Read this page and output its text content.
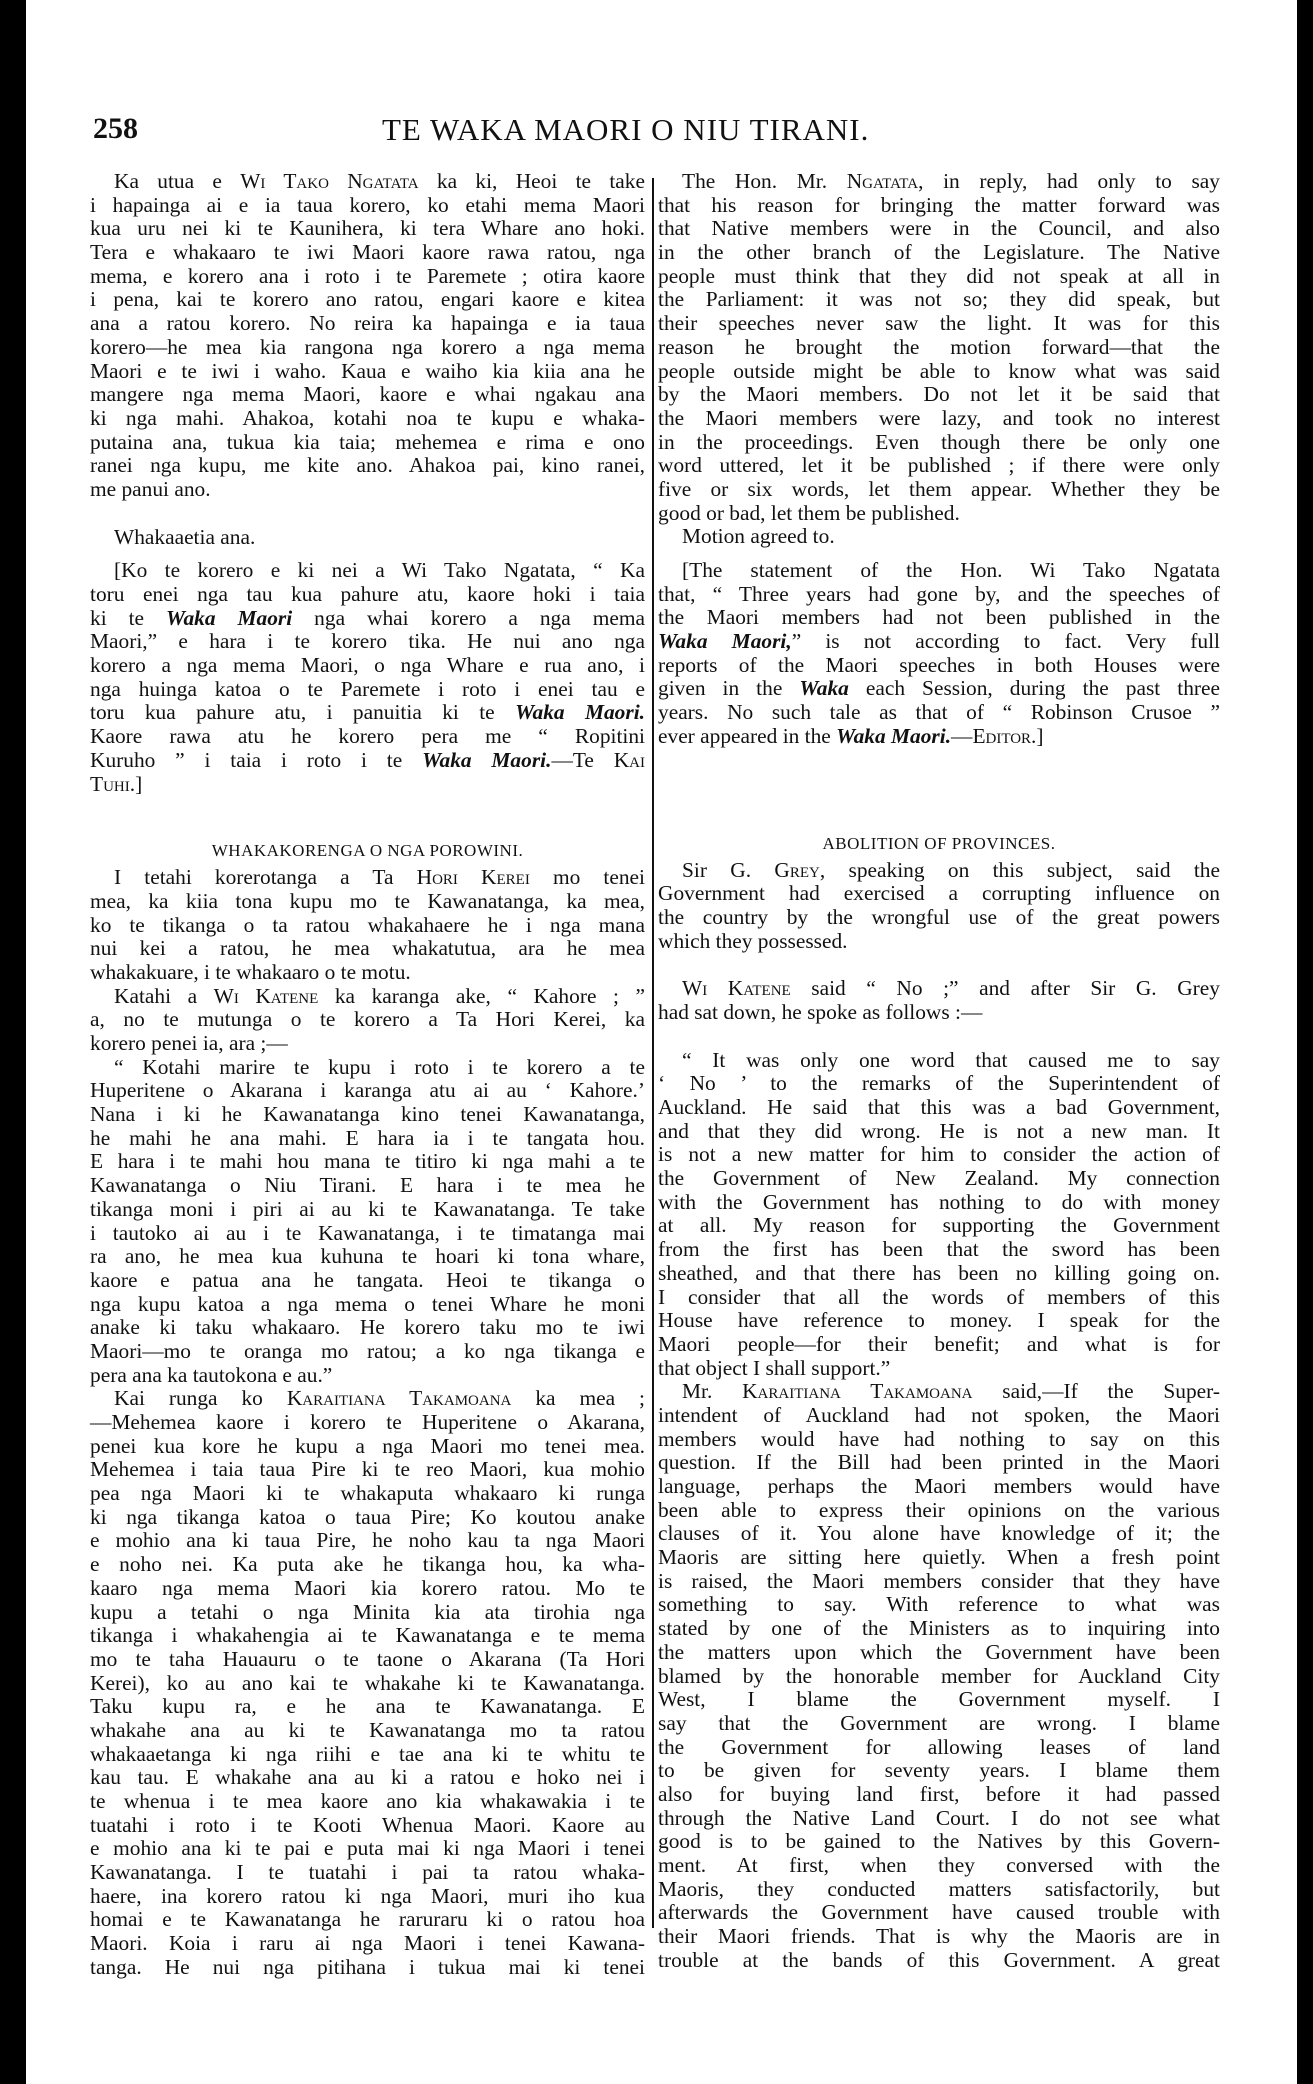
258	TE WAKA MAORI O NIU TIRANI.
Ka utua e Wi Tako Ngatata ka ki, Heoi te take
i hapainga ai e ia taua korero, ko etahi mema Maori
kua uru nei ki te Kaunihera, ki tera Whare ano hoki.
Tera e whakaaro te iwi Maori kaore rawa ratou, nga
mema, e korero ana i roto i te Paremete ; otira kaore
i pena, kai te korero ano ratou, engari kaore e kitea
ana a ratou korero. No reira ka hapainga e ia taua
korero—he mea kia rangona nga korero a nga mema
Maori e te iwi i waho. Kaua e waiho kia kiia ana he
mangere nga mema Maori, kaore e whai ngakau ana
ki nga mahi. Ahakoa, kotahi noa te kupu e whaka-
putaina ana, tukua kia taia; mehemea e rima e ono
ranei nga kupu, me kite ano. Ahakoa pai, kino ranei,
me panui ano.
Whakaaetia ana.
[Ko te korero e ki nei a Wi Tako Ngatata, “ Ka
toru enei nga tau kua pahure atu, kaore hoki i taia
ki te Waka Maori nga whai korero a nga mema
Maori,” e hara i te korero tika. He nui ano nga
korero a nga mema Maori, o nga Whare e rua ano, i
nga huinga katoa o te Paremete i roto i enei tau e
toru kua pahure atu, i panuitia ki te Waka Maori.
Kaore rawa atu he korero pera me “ Ropitini
Kuruho ” i taia i roto i te Waka Maori.—Te Kai
Tuhi.]
WHAKAKORENGA O NGA POROWINI.
I tetahi korerotanga a Ta Hori Kerei mo tenei
mea, ka kiia tona kupu mo te Kawanatanga, ka mea,
ko te tikanga o ta ratou whakahaere he i nga mana
nui kei a ratou, he mea whakatutua, ara he mea
whakakuare, i te whakaaro o te motu.
Katahi a Wi Katene ka karanga ake, “ Kahore ; ”
a, no te mutunga o te korero a Ta Hori Kerei, ka
korero penei ia, ara ;—
“ Kotahi marire te kupu i roto i te korero a te
Huperitene o Akarana i karanga atu ai au ‘ Kahore.’
Nana i ki he Kawanatanga kino tenei Kawanatanga,
he mahi he ana mahi. E hara ia i te tangata hou.
E hara i te mahi hou mana te titiro ki nga mahi a te
Kawanatanga o Niu Tirani. E hara i te mea he
tikanga moni i piri ai au ki te Kawanatanga. Te take
i tautoko ai au i te Kawanatanga, i te timatanga mai
ra ano, he mea kua kuhuna te hoari ki tona whare,
kaore e patua ana he tangata. Heoi te tikanga o
nga kupu katoa a nga mema o tenei Whare he moni
anake ki taku whakaaro. He korero taku mo te iwi
Maori—mo te oranga mo ratou; a ko nga tikanga e
pera ana ka tautokona e au.”
Kai runga ko Karaitiana Takamoana ka mea ;
—Mehemea kaore i korero te Huperitene o Akarana,
penei kua kore he kupu a nga Maori mo tenei mea.
Mehemea i taia taua Pire ki te reo Maori, kua mohio
pea nga Maori ki te whakaputa whakaaro ki runga
ki nga tikanga katoa o taua Pire; Ko koutou anake
e mohio ana ki taua Pire, he noho kau ta nga Maori
e noho nei. Ka puta ake he tikanga hou, ka wha-
kaaro nga mema Maori kia korero ratou. Mo te
kupu a tetahi o nga Minita kia ata tirohia nga
tikanga i whakahengia ai te Kawanatanga e te mema
mo te taha Hauauru o te taone o Akarana (Ta Hori
Kerei), ko au ano kai te whakahe ki te Kawanatanga.
Taku kupu ra, e he ana te Kawanatanga. E
whakahe ana au ki te Kawanatanga mo ta ratou
whakaaetanga ki nga riihi e tae ana ki te whitu te
kau tau. E whakahe ana au ki a ratou e hoko nei i
te whenua i te mea kaore ano kia whakawakia i te
tuatahi i roto i te Kooti Whenua Maori. Kaore au
e mohio ana ki te pai e puta mai ki nga Maori i tenei
Kawanatanga. I te tuatahi i pai ta ratou whaka-
haere, ina korero ratou ki nga Maori, muri iho kua
homai e te Kawanatanga he raruraru ki o ratou hoa
Maori. Koia i raru ai nga Maori i tenei Kawana-
tanga. He nui nga pitihana i tukua mai ki tenei
The Hon. Mr. Ngatata, in reply, had only to say
that his reason for bringing the matter forward was
that Native members were in the Council, and also
in the other branch of the Legislature. The Native
people must think that they did not speak at all in
the Parliament: it was not so; they did speak, but
their speeches never saw the light. It was for this
reason he brought the motion forward—that the
people outside might be able to know what was said
by the Maori members. Do not let it be said that
the Maori members were lazy, and took no interest
in the proceedings. Even though there be only one
word uttered, let it be published ; if there were only
five or six words, let them appear. Whether they be
good or bad, let them be published.
Motion agreed to.
[The statement of the Hon. Wi Tako Ngatata
that, “ Three years had gone by, and the speeches of
the Maori members had not been published in the
Waka Maori,” is not according to fact. Very full
reports of the Maori speeches in both Houses were
given in the Waka each Session, during the past three
years. No such tale as that of “ Robinson Crusoe ”
ever appeared in the Waka Maori.—Editor.]
ABOLITION OF PROVINCES.
Sir G. Grey, speaking on this subject, said the
Government had exercised a corrupting influence on
the country by the wrongful use of the great powers
which they possessed.
Wi Katene said “ No ;” and after Sir G. Grey
had sat down, he spoke as follows :—
“ It was only one word that caused me to say
‘ No ’ to the remarks of the Superintendent of
Auckland. He said that this was a bad Government,
and that they did wrong. He is not a new man. It
is not a new matter for him to consider the action of
the Government of New Zealand. My connection
with the Government has nothing to do with money
at all. My reason for supporting the Government
from the first has been that the sword has been
sheathed, and that there has been no killing going on.
I consider that all the words of members of this
House have reference to money. I speak for the
Maori people—for their benefit; and what is for
that object I shall support.”
Mr. Karaitiana Takamoana said,—If the Super-
intendent of Auckland had not spoken, the Maori
members would have had nothing to say on this
question. If the Bill had been printed in the Maori
language, perhaps the Maori members would have
been able to express their opinions on the various
clauses of it. You alone have knowledge of it; the
Maoris are sitting here quietly. When a fresh point
is raised, the Maori members consider that they have
something to say. With reference to what was
stated by one of the Ministers as to inquiring into
the matters upon which the Government have been
blamed by the honorable member for Auckland City
West, I blame the Government myself. I
say that the Government are wrong. I blame
the Government for allowing leases of land
to be given for seventy years. I blame them
also for buying land first, before it had passed
through the Native Land Court. I do not see what
good is to be gained to the Natives by this Govern-
ment. At first, when they conversed with the
Maoris, they conducted matters satisfactorily, but
afterwards the Government have caused trouble with
their Maori friends. That is why the Maoris are in
trouble at the bands of this Government. A great
